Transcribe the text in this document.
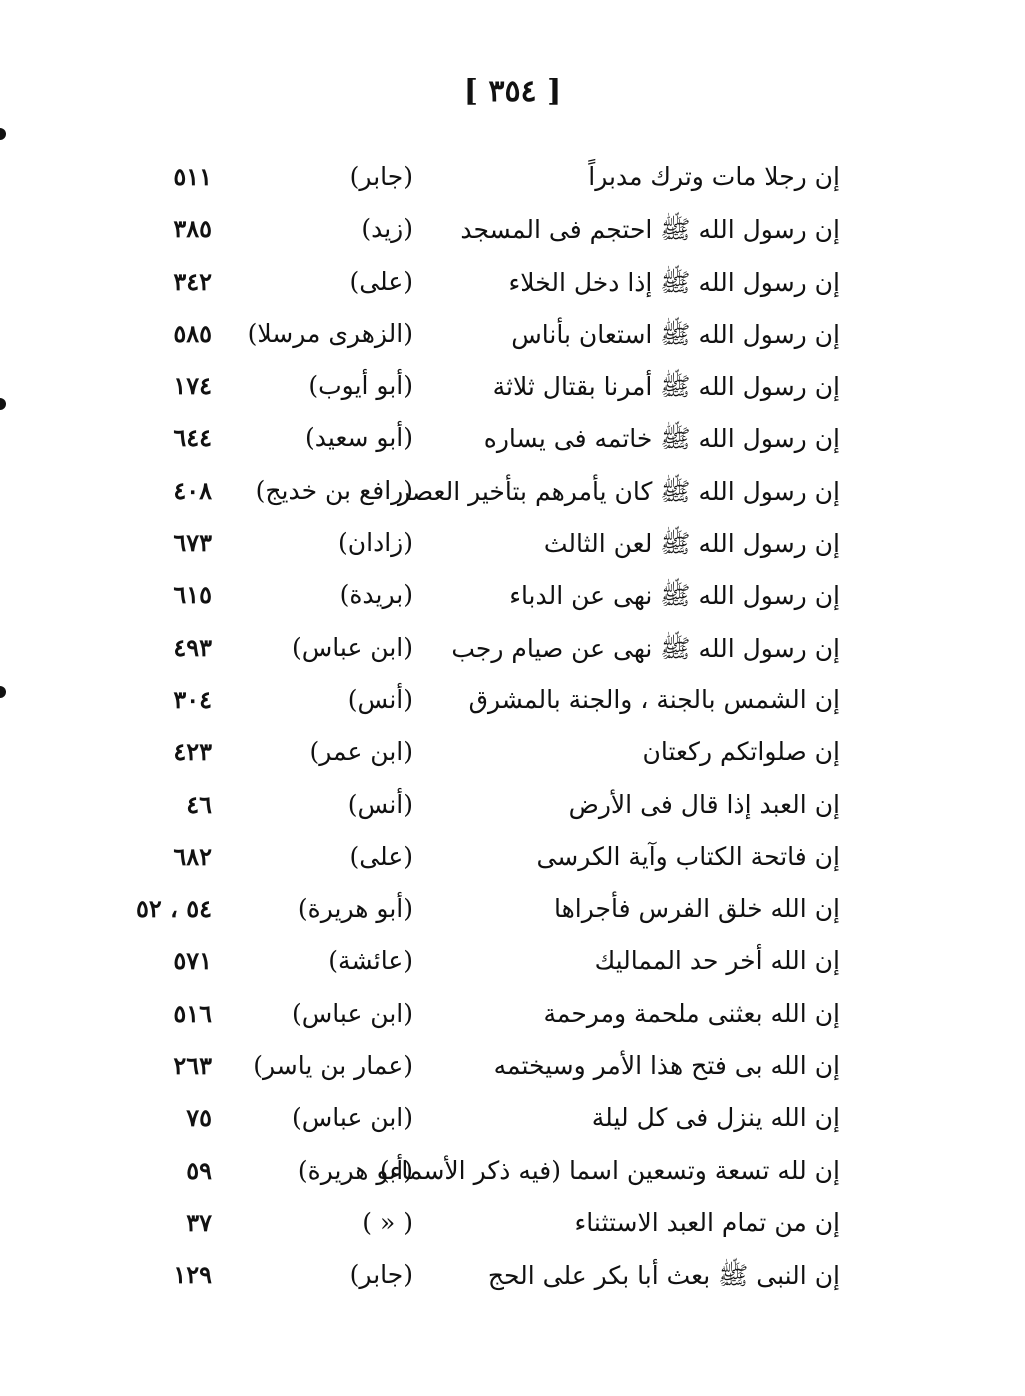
[ ٣٥٤ ]
إن رجلا مات وترك مدبراً
(جابر)
٥١١
إن رسول الله ﷺ احتجم فى المسجد
(زيد)
٣٨٥
إن رسول الله ﷺ إذا دخل الخلاء
(على)
٣٤٢
إن رسول الله ﷺ استعان بأناس
(الزهرى مرسلا)
٥٨٥
إن رسول الله ﷺ أمرنا بقتال ثلاثة
(أبو أيوب)
١٧٤
إن رسول الله ﷺ خاتمه فى يساره
(أبو سعيد)
٦٤٤
إن رسول الله ﷺ كان يأمرهم بتأخير العصر
(رافع بن خديج)
٤٠٨
إن رسول الله ﷺ لعن الثالث
(زادان)
٦٧٣
إن رسول الله ﷺ نهى عن الدباء
(بريدة)
٦١٥
إن رسول الله ﷺ نهى عن صيام رجب
(ابن عباس)
٤٩٣
إن الشمس بالجنة ، والجنة بالمشرق
(أنس)
٣٠٤
إن صلواتكم ركعتان
(ابن عمر)
٤٢٣
إن العبد إذا قال فى الأرض
(أنس)
٤٦
إن فاتحة الكتاب وآية الكرسى
(على)
٦٨٢
إن الله خلق الفرس فأجراها
(أبو هريرة)
٥٤ ، ٥٢
إن الله أخر حد المماليك
(عائشة)
٥٧١
إن الله بعثنى ملحمة ومرحمة
(ابن عباس)
٥١٦
إن الله بى فتح هذا الأمر وسيختمه
(عمار بن ياسر)
٢٦٣
إن الله ينزل فى كل ليلة
(ابن عباس)
٧٥
إن لله تسعة وتسعين اسما (فيه ذكر الأسماء)
(أبو هريرة)
٥٩
إن من تمام العبد الاستثناء
( « )
٣٧
إن النبى ﷺ بعث أبا بكر على الحج
(جابر)
١٢٩
